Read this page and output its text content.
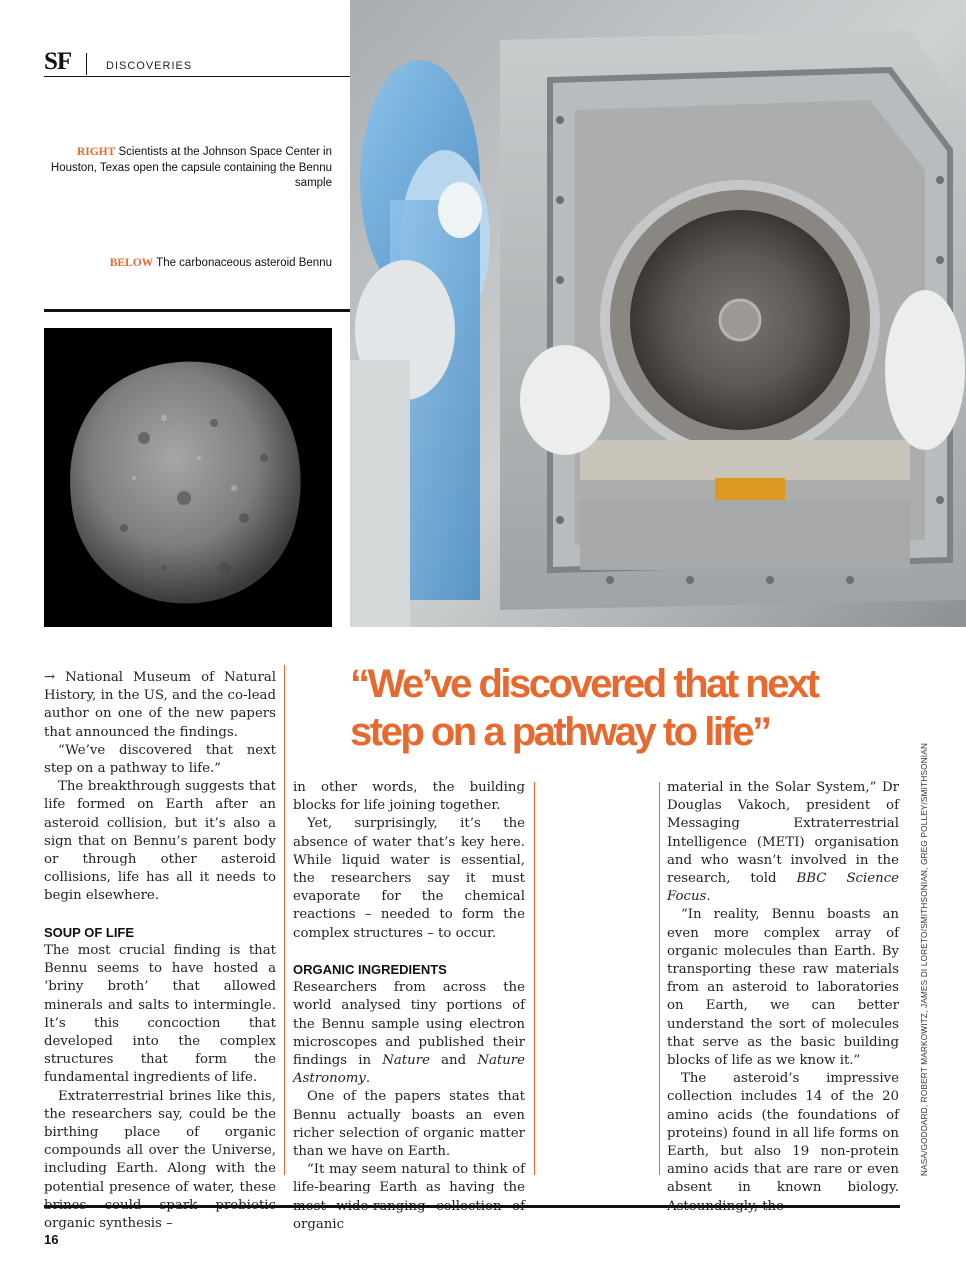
SF	DISCOVERIES
RIGHT Scientists at the Johnson Space Center in Houston, Texas open the capsule containing the Bennu sample
BELOW The carbonaceous asteroid Bennu
“We’ve discovered that next step on a pathway to life”

→ National Museum of Natural History, in the US, and the co-lead author on one of the new papers that announced the findings.

“We’ve discovered that next step on a pathway to life.”

The breakthrough suggests that life formed on Earth after an asteroid collision, but it’s also a sign that on Bennu’s parent body or through other asteroid collisions, life has all it needs to begin elsewhere.

SOUP OF LIFE

The most crucial finding is that Bennu seems to have hosted a ‘briny broth’ that allowed minerals and salts to intermingle. It’s this concoction that developed into the complex structures that form the fundamental ingredients of life.

Extraterrestrial brines like this, the researchers say, could be the birthing place of organic compounds all over the Universe, including Earth. Along with the potential presence of water, these organic synthesis –

in other words, the building blocks for life joining together.

Yet, surprisingly, it’s the absence of water that’s key here. While liquid water is essential, the researchers say it must evaporate for the chemical reactions – needed to form the complex structures – to occur.

ORGANIC INGREDIENTS

Researchers from across the world analysed tiny portions of the Bennu sample using electron microscopes and published their findings in Nature and Nature Astronomy.

One of the papers states that Bennu actually boasts an even richer selection of organic matter than we have on Earth.

“It may seem natural to think of life-bearing Earth as having the organic

material in the Solar System,” Dr Douglas Vakoch, president of Messaging Extraterrestrial Intelligence (METI) organisation and who wasn’t involved in the research, told BBC Science Focus.

“In reality, Bennu boasts an even more complex array of organic molecules than Earth. By transporting these raw materials from an asteroid to laboratories on Earth, we can better understand the sort of molecules that serve as the basic building blocks of life as we know it.”

The asteroid’s impressive collection includes 14 of the 20 amino acids (the foundations of proteins) found in all life forms on Earth, but also 19 non-protein amino acids that are rare or even absent in known biology.

NASA/GODDARD, ROBERT MARKOWITZ, JAMES DI LORETO/SMITHSONIAN, GREG POLLEY/SMITHSONIAN
16
